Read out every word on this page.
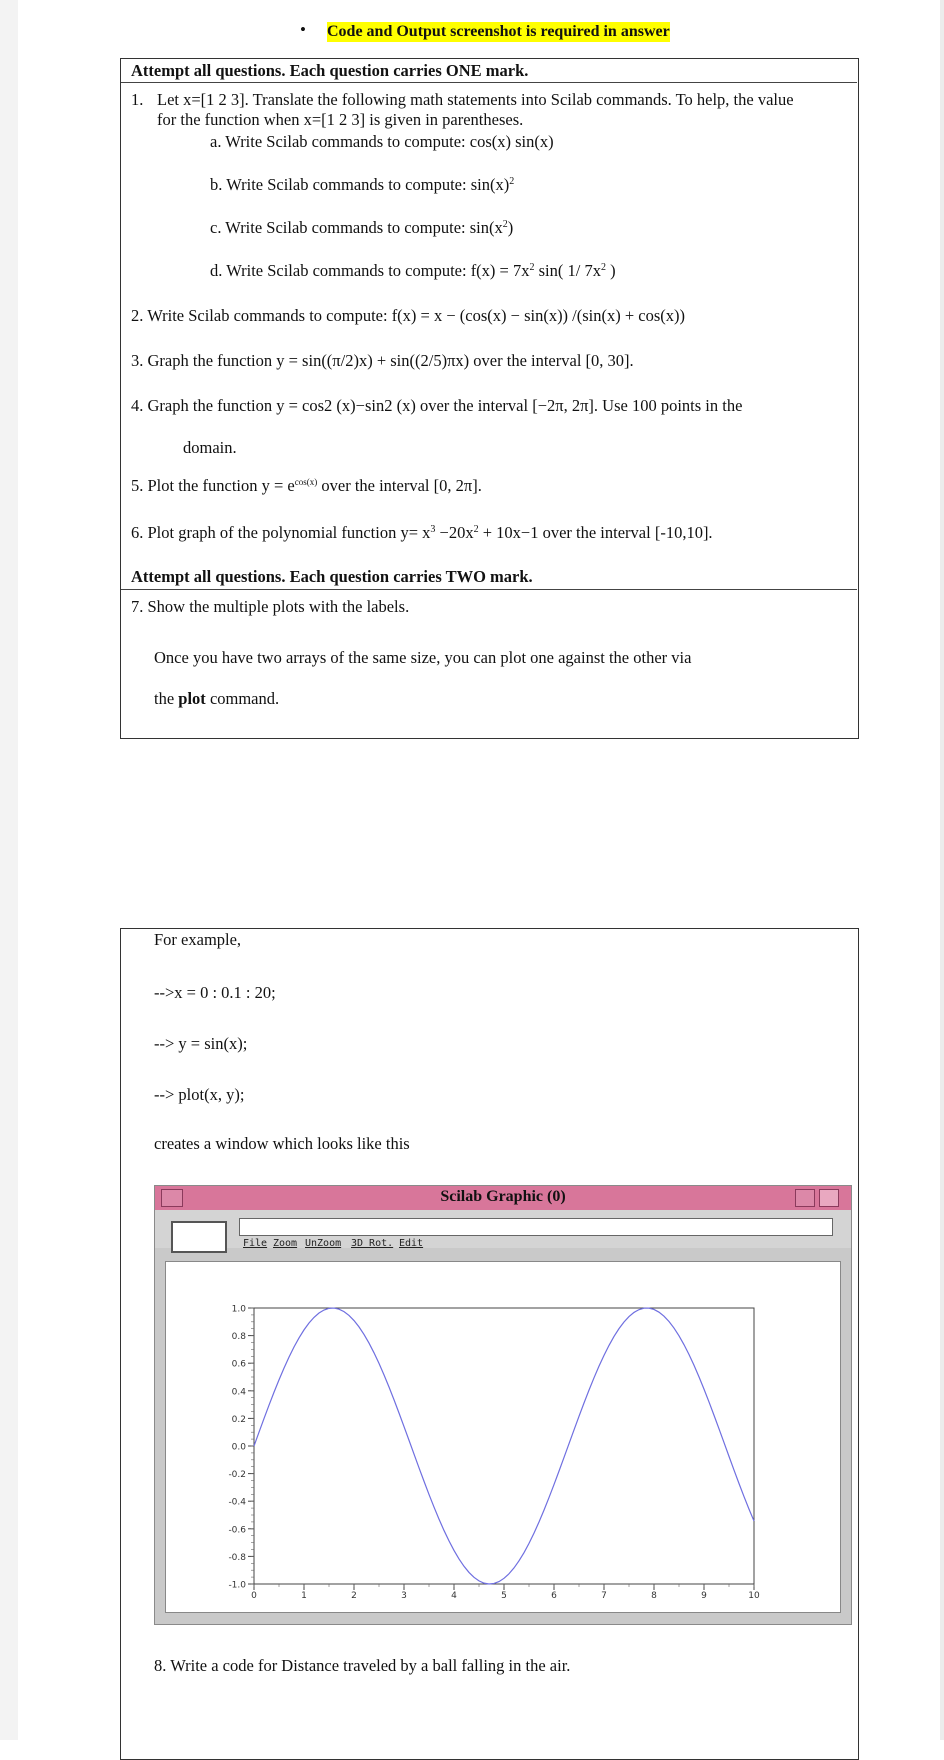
• Code and Output screenshot is required in answer
Attempt all questions. Each question carries ONE mark.
1. Let x=[1 2 3]. Translate the following math statements into Scilab commands. To help, the value
for the function when x=[1 2 3] is given in parentheses.
a. Write Scilab commands to compute: cos(x) sin(x)
b. Write Scilab commands to compute: $\sin(x)^2$
c. Write Scilab commands to compute: $\sin(x^2)$
d. Write Scilab commands to compute: $f(x) = 7x^2$ sin( 1/ $7x^2$ )
2. Write Scilab commands to compute: f(x) = x − (cos(x) − sin(x)) /(sin(x) + cos(x))
3. Graph the function y = sin((π/2)x) + sin((2/5)πx) over the interval [0, 30].
4. Graph the function y = cos2 (x)−sin2 (x) over the interval [−2π, 2π]. Use 100 points in the
domain.
5. Plot the function $y = e^{cos(x)}$ over the interval [0, 2π].
6. Plot graph of the polynomial function $y= x^3 -20x^2 + 10x-1$ over the interval [-10,10].
Attempt all questions. Each question carries TWO mark.
7. Show the multiple plots with the labels.
Once you have two arrays of the same size, you can plot one against the other via
the plot command.
For example,
-->x = 0 : 0.1 : 20;
--> y = sin(x);
--> plot(x, y);
creates a window which looks like this
Scilab Graphic (0)
File Zoom UnZoom 3D Rot. Edit
1.0
0.8
0.6
0.4
0.2
0.0
-0.2
-0.4
-0.6
-0.8
-1.0
0	1	2	3	4	5	6	7	8	9	10
8. Write a code for Distance traveled by a ball falling in the air.
